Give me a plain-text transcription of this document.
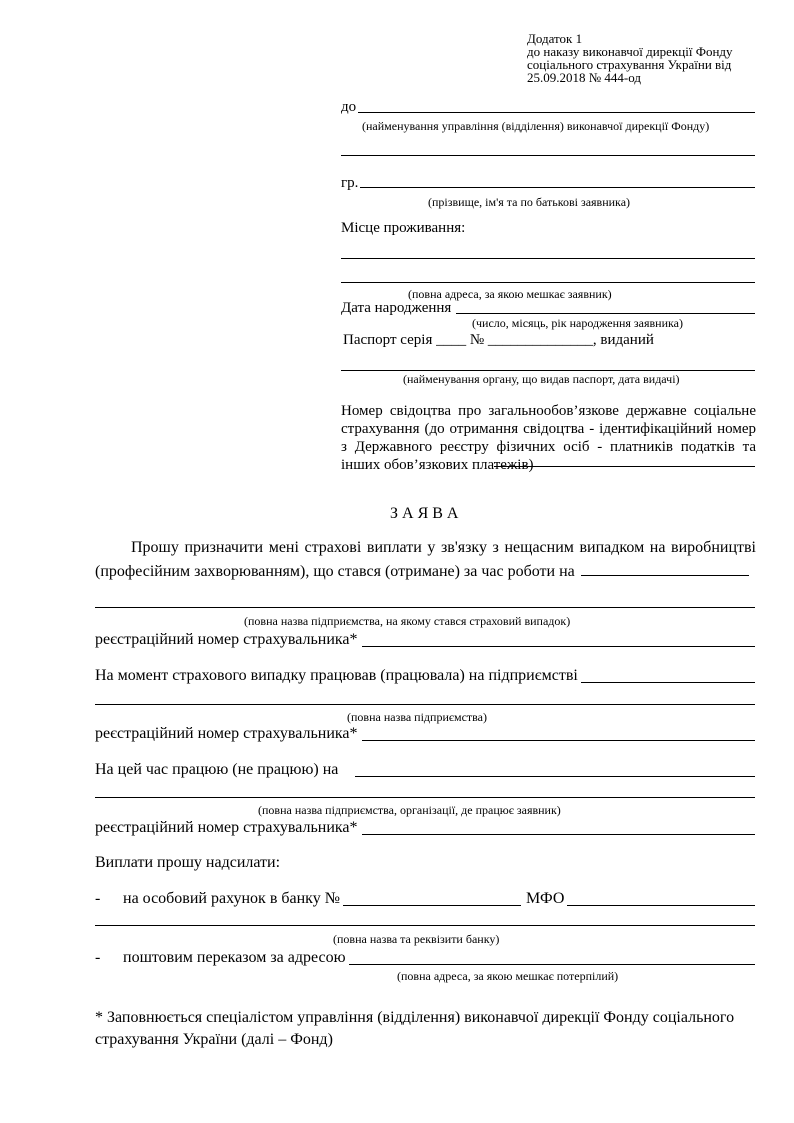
Додаток 1
до наказу виконавчої дирекції Фонду
соціального страхування України від
25.09.2018 № 444-од
до
(найменування управління (відділення) виконавчої дирекції Фонду)
гр.
(прізвище, ім'я та по батькові заявника)
Місце проживання:
(повна адреса, за якою мешкає заявник)
Дата народження
(число, місяць, рік народження заявника)
Паспорт серія ____ № ______________, виданий
(найменування органу, що видав паспорт, дата видачі)
Номер свідоцтва про загальнообов’язкове державне соціальне страхування (до отримання свідоцтва - ідентифікаційний номер з Державного реєстру фізичних осіб - платників податків та інших обов’язкових платежів)
З А Я В А
Прошу призначити мені страхові виплати у зв'язку з нещасним випадком на виробництві (професійним захворюванням), що стався (отримане) за час роботи на
(повна назва підприємства, на якому стався страховий випадок)
реєстраційний номер страхувальника*
На момент страхового випадку працював (працювала) на підприємстві
(повна назва підприємства)
реєстраційний номер страхувальника*
На цей час працюю (не працюю) на
(повна назва підприємства, організації, де працює заявник)
реєстраційний номер страхувальника*
Виплати прошу надсилати:
- на особовий рахунок в банку №	МФО
(повна назва та реквізити банку)
- поштовим переказом за адресою
(повна адреса, за якою мешкає потерпілий)
* Заповнюється спеціалістом управління (відділення) виконавчої дирекції Фонду соціального страхування України (далі – Фонд)
